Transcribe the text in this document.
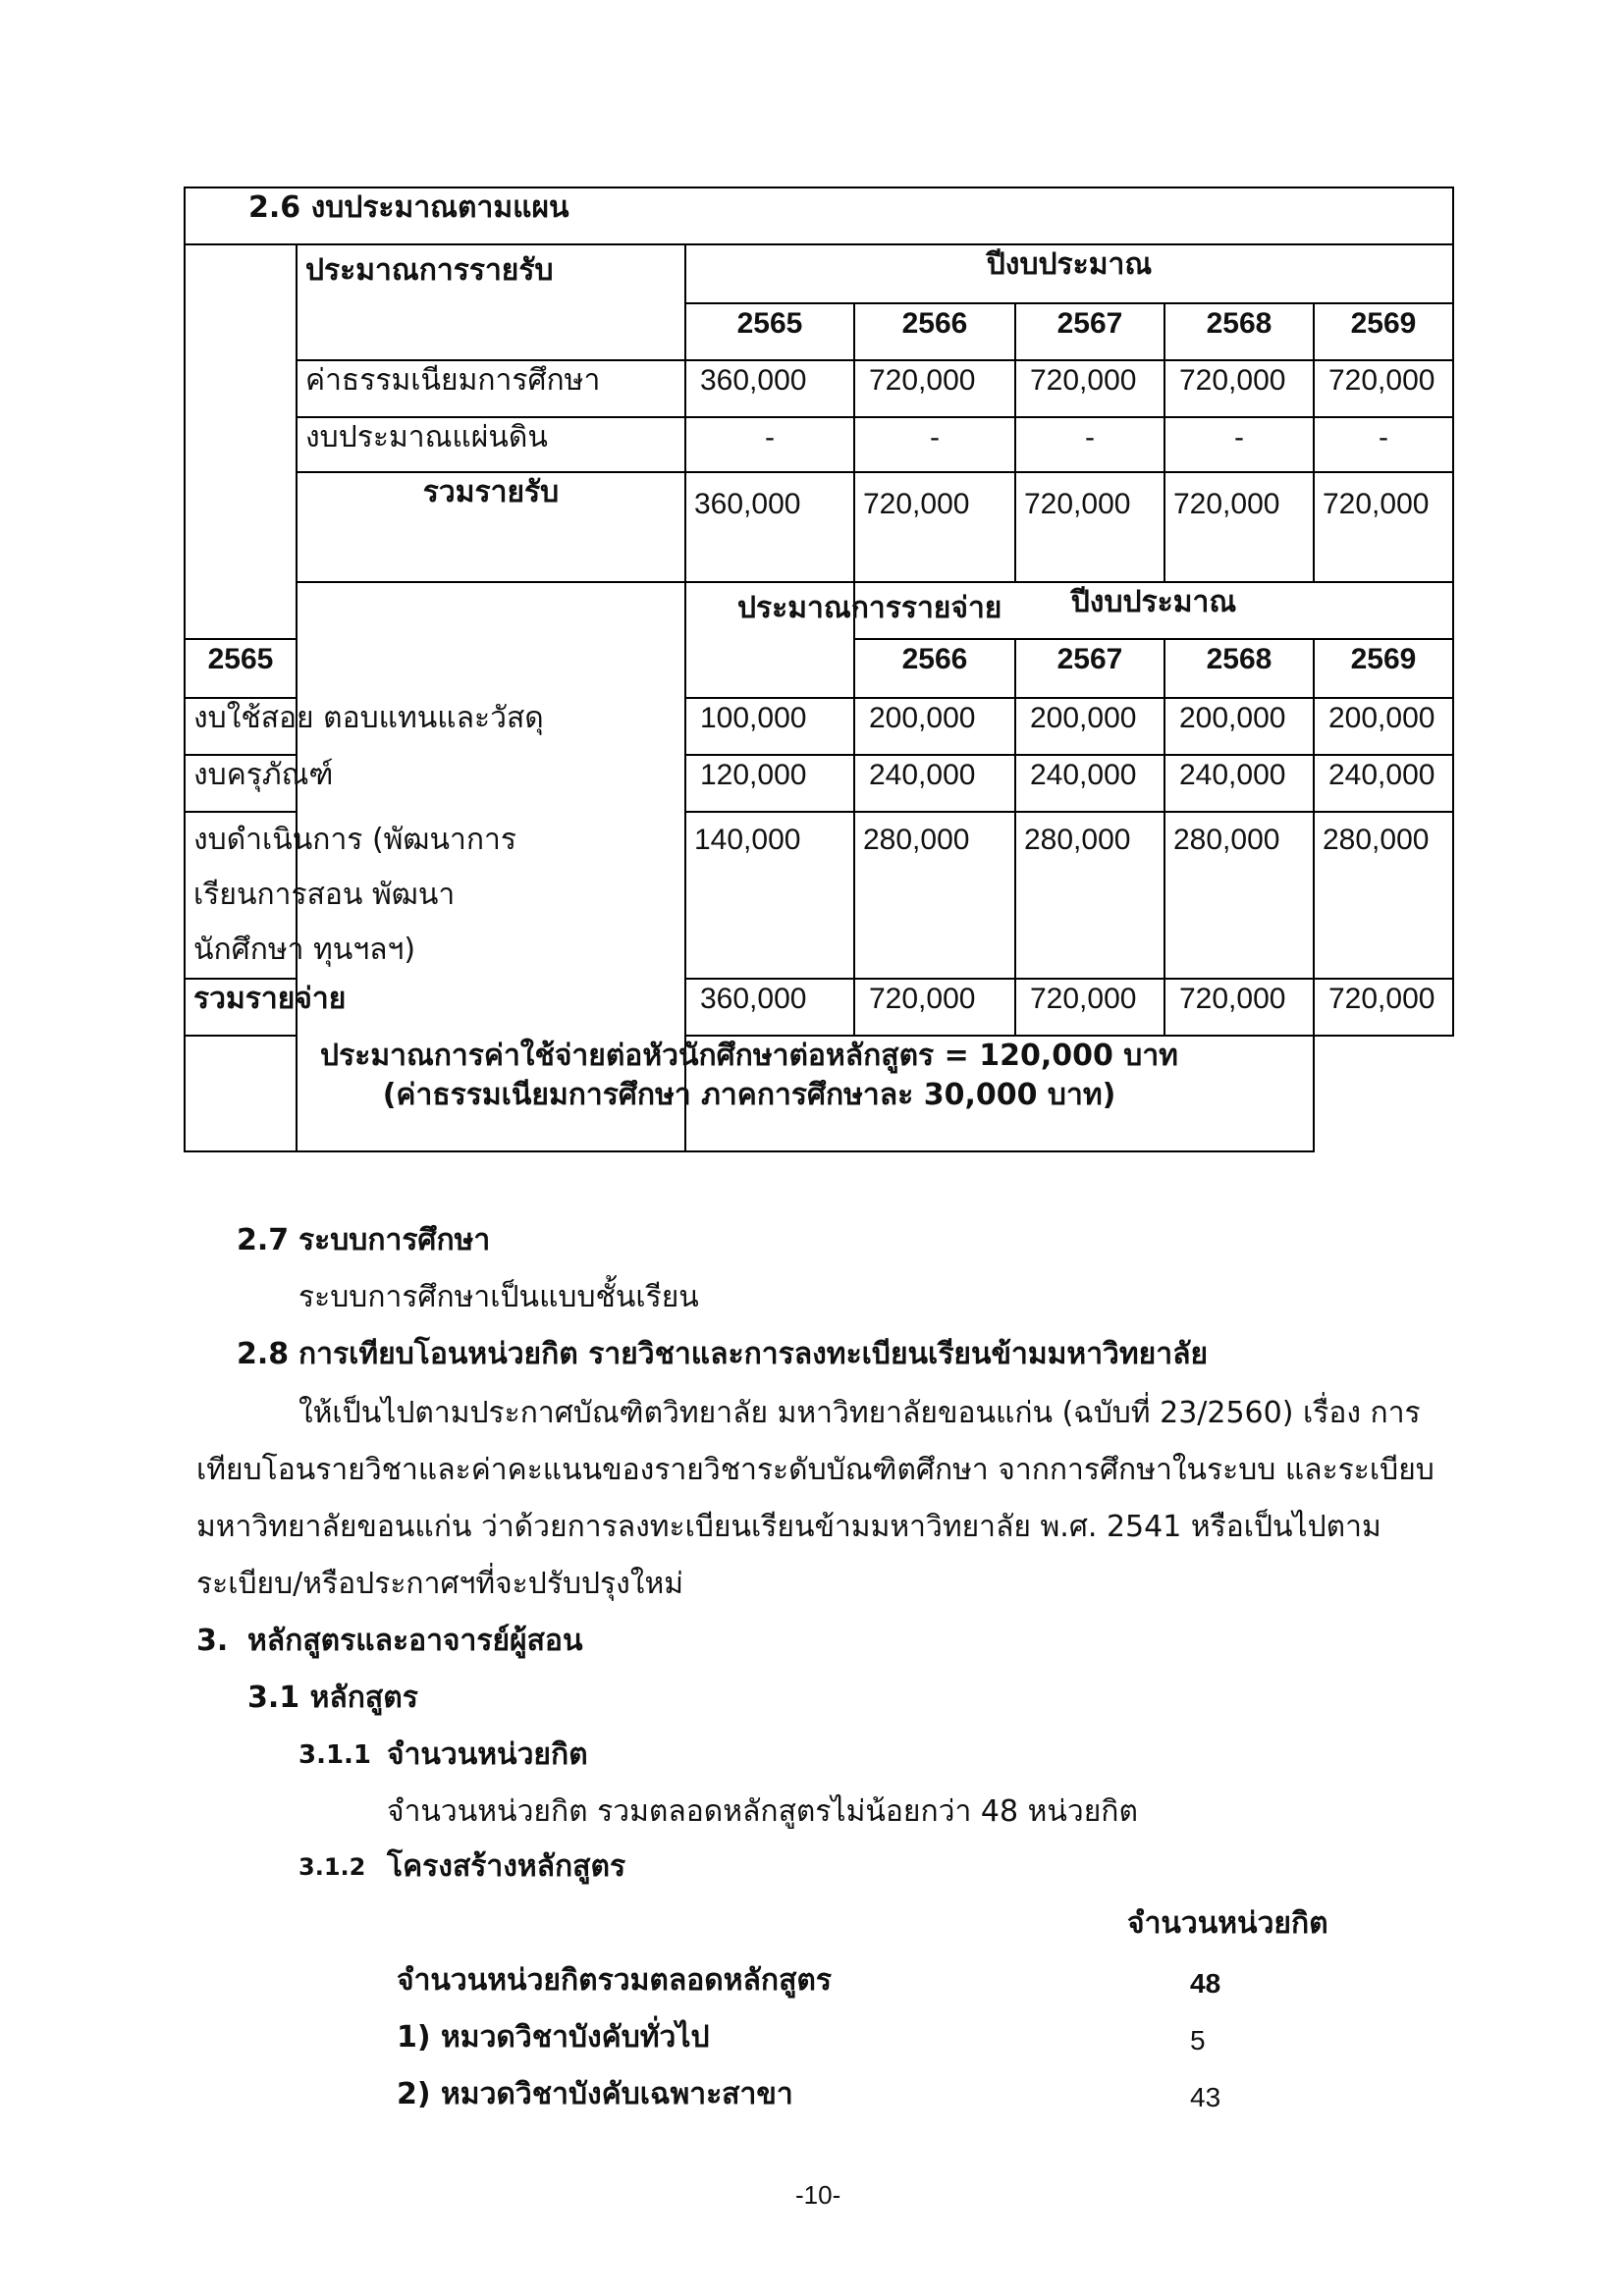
2.6 งบประมาณตามแผน						
	ประมาณการรายรับ	ปีงบประมาณ				
		2565	2566	2567	2568	2569
	ค่าธรรมเนียมการศึกษา	360,000	720,000	720,000	720,000	720,000
	งบประมาณแผ่นดิน	-	-	-	-	-
	รวมรายรับ	360,000	720,000	720,000	720,000	720,000
		ประมาณการรายจ่าย	ปีงบประมาณ			
2565			2566	2567	2568	2569
งบใช้สอย ตอบแทนและวัสดุ		100,000	200,000	200,000	200,000	200,000
งบครุภัณฑ์		120,000	240,000	240,000	240,000	240,000

งบดำเนินการ (พัฒนาการ
เรียนการสอน พัฒนา
นักศึกษา ทุนฯลฯ)		140,000	280,000	280,000	280,000	280,000
รวมรายจ่าย		360,000	720,000	720,000	720,000	720,000

ประมาณการค่าใช้จ่ายต่อหัวนักศึกษาต่อหลักสูตร = 120,000 บาท
(ค่าธรรมเนียมการศึกษา ภาคการศึกษาละ 30,000 บาท)						
2.7 ระบบการศึกษา
ระบบการศึกษาเป็นแบบชั้นเรียน
2.8 การเทียบโอนหน่วยกิต รายวิชาและการลงทะเบียนเรียนข้ามมหาวิทยาลัย
ให้เป็นไปตามประกาศบัณฑิตวิทยาลัย มหาวิทยาลัยขอนแก่น (ฉบับที่ 23/2560) เรื่อง การ
เทียบโอนรายวิชาและค่าคะแนนของรายวิชาระดับบัณฑิตศึกษา จากการศึกษาในระบบ และระเบียบ
มหาวิทยาลัยขอนแก่น ว่าด้วยการลงทะเบียนเรียนข้ามมหาวิทยาลัย พ.ศ. 2541 หรือเป็นไปตาม
ระเบียบ/หรือประกาศฯที่จะปรับปรุงใหม่
3. หลักสูตรและอาจารย์ผู้สอน
3.1 หลักสูตร
3.1.1 จำนวนหน่วยกิต
จำนวนหน่วยกิต รวมตลอดหลักสูตรไม่น้อยกว่า 48 หน่วยกิต
3.1.2 โครงสร้างหลักสูตร
จำนวนหน่วยกิต
จำนวนหน่วยกิตรวมตลอดหลักสูตร	48
1) หมวดวิชาบังคับทั่วไป	5
2) หมวดวิชาบังคับเฉพาะสาขา	43
-10-
